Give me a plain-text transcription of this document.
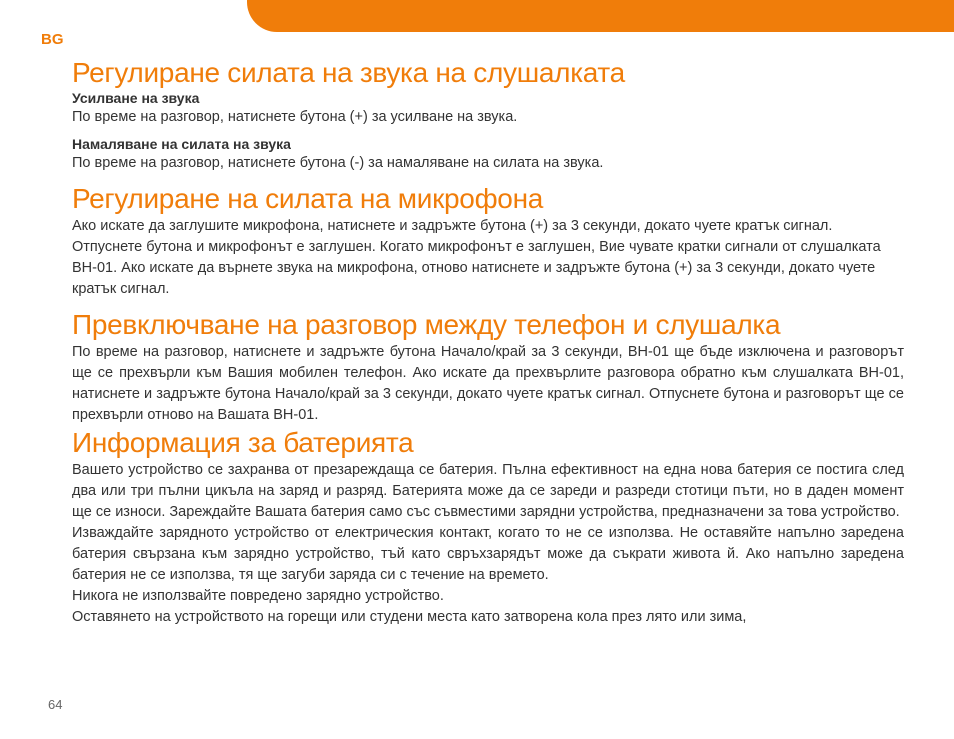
BG
Регулиране силата на звука на слушалката
Усилване на звука

По време на разговор, натиснете бутона (+) за усилване на звука.

Намаляване на силата на звука

По време на разговор, натиснете бутона (-) за намаляване на силата на звука.

Регулиране на силата на микрофона

Ако искате да заглушите микрофона, натиснете и задръжте бутона (+) за 3 секунди, докато чуете кратък сигнал. Отпуснете бутона и микрофонът е заглушен. Когато микрофонът е заглушен, Вие чувате кратки сигнали от слушалката BH-01. Ако искате да върнете звука на микрофона, отново натиснете и задръжте бутона (+) за 3 секунди, докато чуете кратък сигнал.

Превключване на разговор между телефон и слушалка

По време на разговор, натиснете и задръжте бутона Начало/край за 3 секунди, BH-01 ще бъде изключена и разговорът ще се прехвърли към Вашия мобилен телефон. Ако искате да прехвърлите разговора обратно към слушалката BH-01, натиснете и задръжте бутона Начало/край за 3 секунди, докато чуете кратък сигнал. Отпуснете бутона и разговорът ще се прехвърли отново на Вашата BH-01.

Информация за батерията

Вашето устройство се захранва от презареждаща се батерия. Пълна ефективност на една нова батерия се постига след два или три пълни цикъла на заряд и разряд. Батерията може да се зареди и разреди стотици пъти, но в даден момент ще се износи. Зареждайте Вашата батерия само със съвместими зарядни устройства, предназначени за това устройство.

Изваждайте зарядното устройство от електрическия контакт, когато то не се използва. Не оставяйте напълно заредена батерия свързана към зарядно устройство, тъй като свръхзарядът може да съкрати живота й. Ако напълно заредена батерия не се използва, тя ще загуби заряда си с течение на времето.

Никога не използвайте повредено зарядно устройство.

Оставянето на устройството на горещи или студени места като затворена кола през лято или зима,

64
